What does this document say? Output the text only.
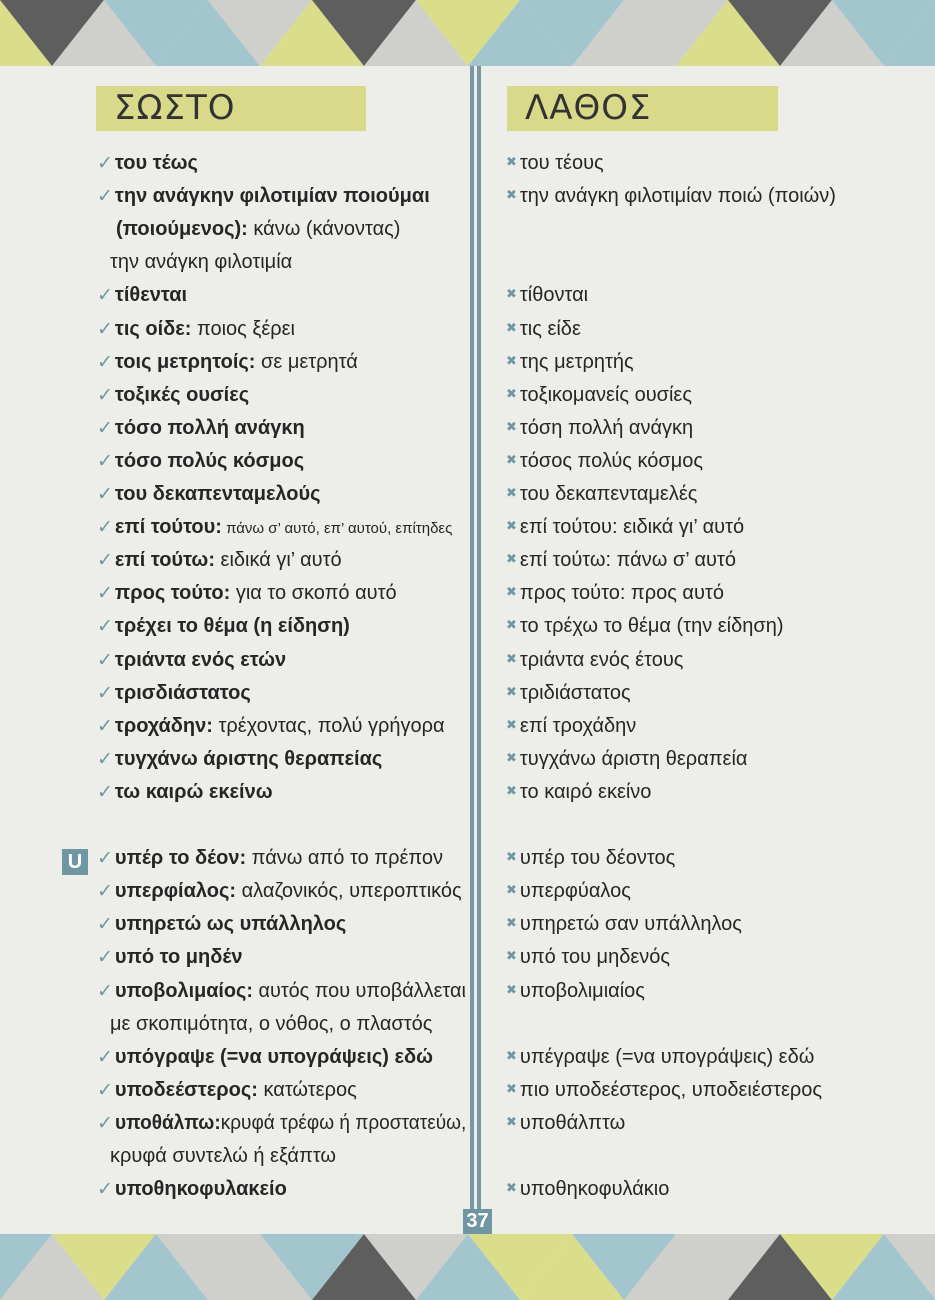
ΣΩΣΤΟ	ΛΑΘΟΣ
U
✓ του τέως
✓ την ανάγκην φιλοτιμίαν ποιούμαι
(ποιούμενος): κάνω (κάνοντας)
την ανάγκη φιλοτιμία
✓ τίθενται
✓ τις οίδε: ποιος ξέρει
✓ τοις μετρητοίς: σε μετρητά
✓ τοξικές ουσίες
✓ τόσο πολλή ανάγκη
✓ τόσο πολύς κόσμος
✓ του δεκαπενταμελούς
✓ επί τούτου: πάνω σ’ αυτό, επ’ αυτού, επίτηδες
✓ επί τούτω: ειδικά γι’ αυτό
✓ προς τούτο: για το σκοπό αυτό
✓ τρέχει το θέμα (η είδηση)
✓ τριάντα ενός ετών
✓ τρισδιάστατος
✓ τροχάδην: τρέχοντας, πολύ γρήγορα
✓ τυγχάνω άριστης θεραπείας
✓ τω καιρώ εκείνω
✓ υπέρ το δέον: πάνω από το πρέπον
✓ υπερφίαλος: αλαζονικός, υπεροπτικός
✓ υπηρετώ ως υπάλληλος
✓ υπό το μηδέν
✓ υποβολιμαίος: αυτός που υποβάλλεται
με σκοπιμότητα, ο νόθος, ο πλαστός
✓ υπόγραψε (=να υπογράψεις) εδώ
✓ υποδεέστερος: κατώτερος
✓ υποθάλπω:κρυφά τρέφω ή προστατεύω,
κρυφά συντελώ ή εξάπτω
✓ υποθηκοφυλακείο
✖ του τέους
✖ την ανάγκη φιλοτιμίαν ποιώ (ποιών)
✖ τίθονται
✖ τις είδε
✖ της μετρητής
✖ τοξικομανείς ουσίες
✖ τόση πολλή ανάγκη
✖ τόσος πολύς κόσμος
✖ του δεκαπενταμελές
✖ επί τούτου: ειδικά γι’ αυτό
✖ επί τούτω: πάνω σ’ αυτό
✖ προς τούτο: προς αυτό
✖ το τρέχω το θέμα (την είδηση)
✖ τριάντα ενός έτους
✖ τριδιάστατος
✖ επί τροχάδην
✖ τυγχάνω άριστη θεραπεία
✖ το καιρό εκείνο
✖ υπέρ του δέοντος
✖ υπερφύαλος
✖ υπηρετώ σαν υπάλληλος
✖ υπό του μηδενός
✖ υποβολιμιαίος
✖ υπέγραψε (=να υπογράψεις) εδώ
✖ πιο υποδεέστερος, υποδειέστερος
✖ υποθάλπτω
✖ υποθηκοφυλάκιο
37
